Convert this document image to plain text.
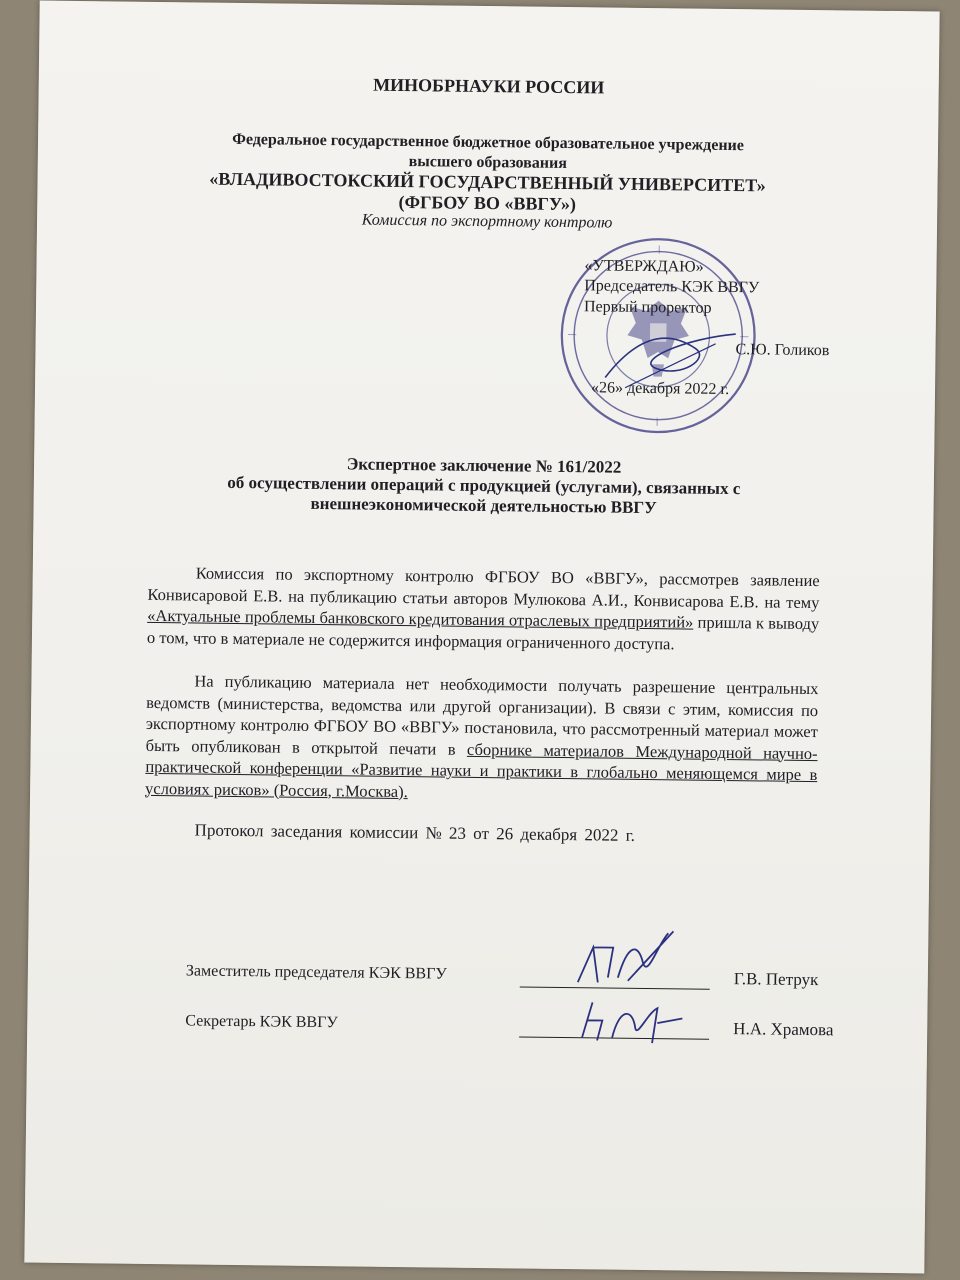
МИНОБРНАУКИ РОССИИ
Федеральное государственное бюджетное образовательное учреждение
высшего образования
«ВЛАДИВОСТОКСКИЙ ГОСУДАРСТВЕННЫЙ УНИВЕРСИТЕТ»
(ФГБОУ ВО «ВВГУ»)
Комиссия по экспортному контролю
«УТВЕРЖДАЮ»
Председатель КЭК ВВГУ
Первый проректор
С.Ю. Голиков
«26» декабря 2022 г.
Экспертное заключение № 161/2022
об осуществлении операций с продукцией (услугами), связанных с
внешнеэкономической деятельностью ВВГУ
Комиссия по экспортному контролю ФГБОУ ВО «ВВГУ», рассмотрев заявление Конвисаровой Е.В. на публикацию статьи авторов Мулюкова А.И., Конвисарова Е.В. на тему «Актуальные проблемы банковского кредитования отраслевых предприятий» пришла к выводу о том, что в материале не содержится информация ограниченного доступа.
На публикацию материала нет необходимости получать разрешение центральных ведомств (министерства, ведомства или другой организации). В связи с этим, комиссия по экспортному контролю ФГБОУ ВО «ВВГУ» постановила, что рассмотренный материал может быть опубликован в открытой печати в сборнике материалов Международной научно-практической конференции «Развитие науки и практики в глобально меняющемся мире в условиях рисков» (Россия, г.Москва).
Протокол заседания комиссии № 23 от 26 декабря 2022 г.
Заместитель председателя КЭК ВВГУ	Г.В. Петрук
Секретарь КЭК ВВГУ	Н.А. Храмова
